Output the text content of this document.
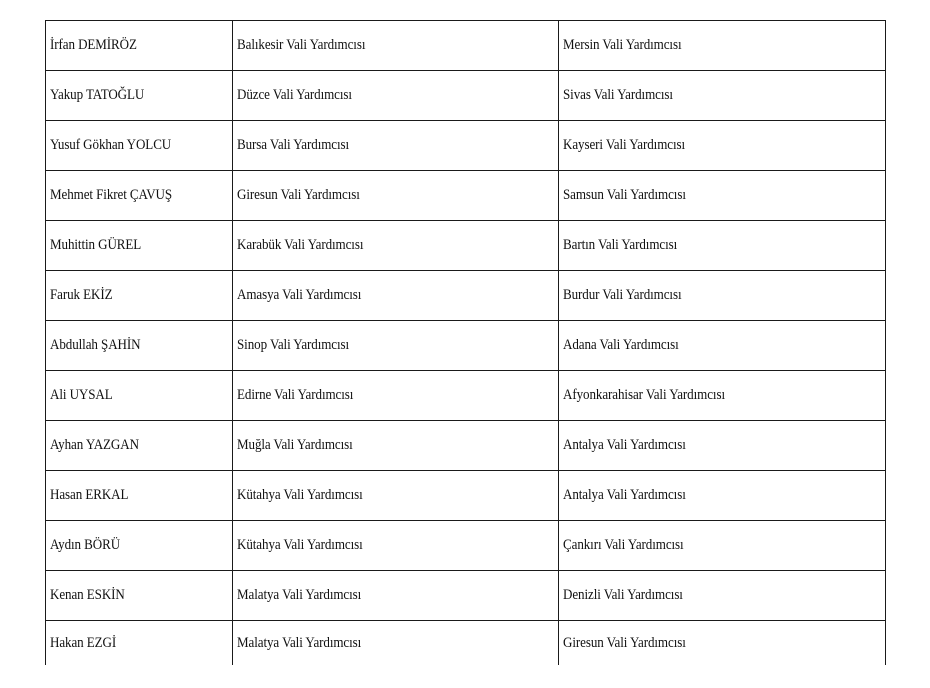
İrfan DEMİRÖZ	Balıkesir Vali Yardımcısı	Mersin Vali Yardımcısı
Yakup TATOĞLU	Düzce Vali Yardımcısı	Sivas Vali Yardımcısı
Yusuf Gökhan YOLCU	Bursa Vali Yardımcısı	Kayseri Vali Yardımcısı
Mehmet Fikret ÇAVUŞ	Giresun Vali Yardımcısı	Samsun Vali Yardımcısı
Muhittin GÜREL	Karabük Vali Yardımcısı	Bartın Vali Yardımcısı
Faruk EKİZ	Amasya Vali Yardımcısı	Burdur Vali Yardımcısı
Abdullah ŞAHİN	Sinop Vali Yardımcısı	Adana Vali Yardımcısı
Ali UYSAL	Edirne Vali Yardımcısı	Afyonkarahisar Vali Yardımcısı
Ayhan YAZGAN	Muğla Vali Yardımcısı	Antalya Vali Yardımcısı
Hasan ERKAL	Kütahya Vali Yardımcısı	Antalya Vali Yardımcısı
Aydın BÖRÜ	Kütahya Vali Yardımcısı	Çankırı Vali Yardımcısı
Kenan ESKİN	Malatya Vali Yardımcısı	Denizli Vali Yardımcısı
Hakan EZGİ	Malatya Vali Yardımcısı	Giresun Vali Yardımcısı
